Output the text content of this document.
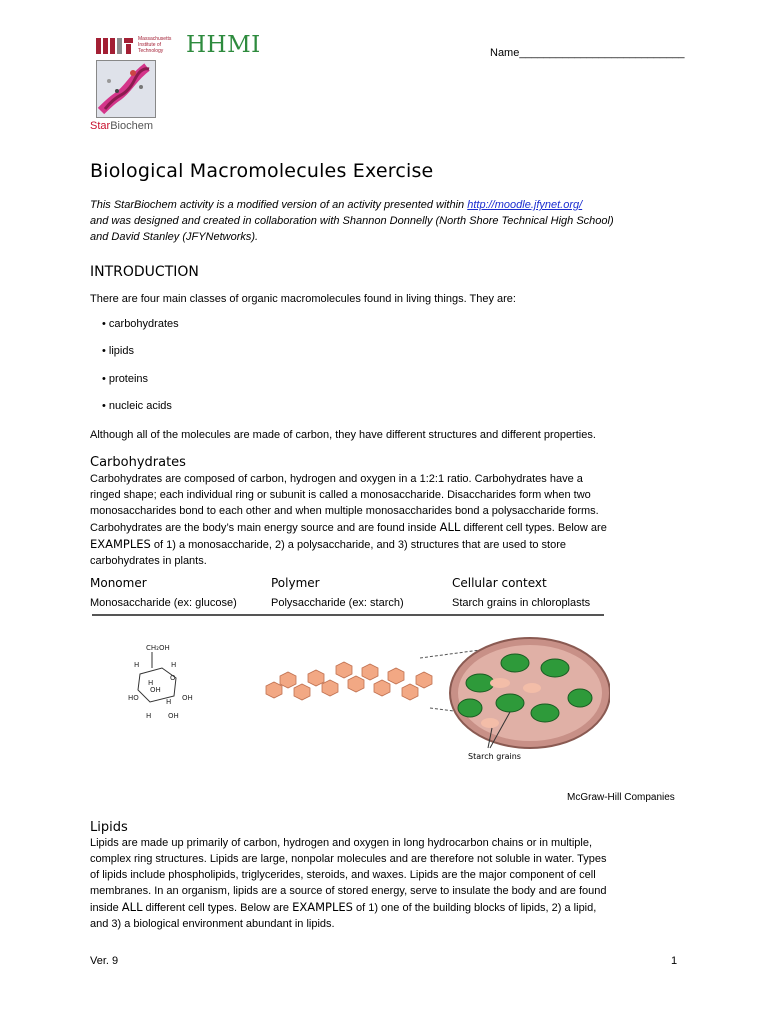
Massachusetts Institute of Technology HHMI	Name___________________________
StarBiochem
Biological Macromolecules Exercise
This StarBiochem activity is a modified version of an activity presented within http://moodle.jfynet.org/
and was designed and created in collaboration with Shannon Donnelly (North Shore Technical High School)
and David Stanley (JFYNetworks).
INTRODUCTION
There are four main classes of organic macromolecules found in living things. They are:
• carbohydrates
• lipids
• proteins
• nucleic acids
Although all of the molecules are made of carbon, they have different structures and different properties.
Carbohydrates
Carbohydrates are composed of carbon, hydrogen and oxygen in a 1:2:1 ratio. Carbohydrates have a
ringed shape; each individual ring or subunit is called a monosaccharide. Disaccharides form when two
monosaccharides bond to each other and when multiple monosaccharides bond a polysaccharide forms.
Carbohydrates are the body’s main energy source and are found inside ALL different cell types. Below are
EXAMPLES of 1) a monosaccharide, 2) a polysaccharide, and 3) structures that are used to store
carbohydrates in plants.
Monomer	Polymer	Cellular context
Monosaccharide (ex: glucose)	Polysaccharide (ex: starch)	Starch grains in chloroplasts
CH₂OH
H
O
H
H
OH
HO	OH
H
H
OH
Starch grains
McGraw-Hill Companies
Lipids
Lipids are made up primarily of carbon, hydrogen and oxygen in long hydrocarbon chains or in multiple,
complex ring structures. Lipids are large, nonpolar molecules and are therefore not soluble in water. Types
of lipids include phospholipids, triglycerides, steroids, and waxes. Lipids are the major component of cell
membranes. In an organism, lipids are a source of stored energy, serve to insulate the body and are found
inside ALL different cell types. Below are EXAMPLES of 1) one of the building blocks of lipids, 2) a lipid,
and 3) a biological environment abundant in lipids.
Ver. 9	1
